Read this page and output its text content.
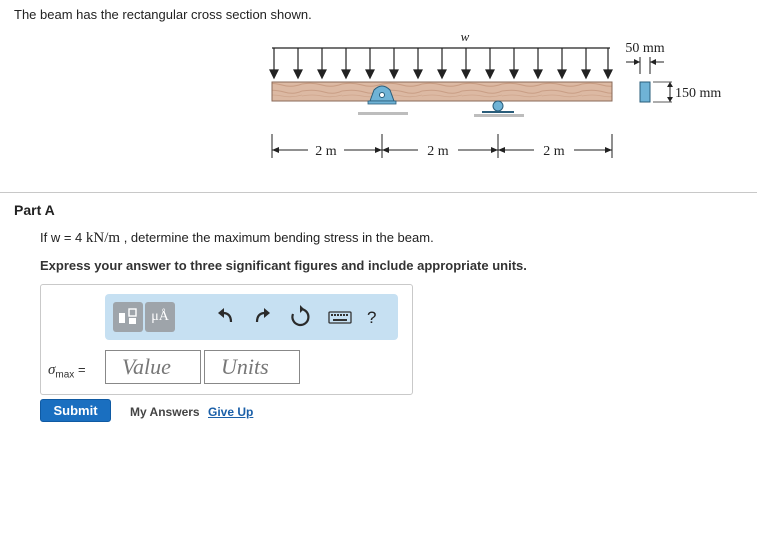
The beam has the rectangular cross section shown.
w
2 m	2 m	2 m
50 mm
150 mm
Part A
If w = 4 kN/m , determine the maximum bending stress in the beam.
Express your answer to three significant figures and include appropriate units.
μÅ	?
$\sigma_{max}$ =	Value	Units
Submit	My Answers Give Up
